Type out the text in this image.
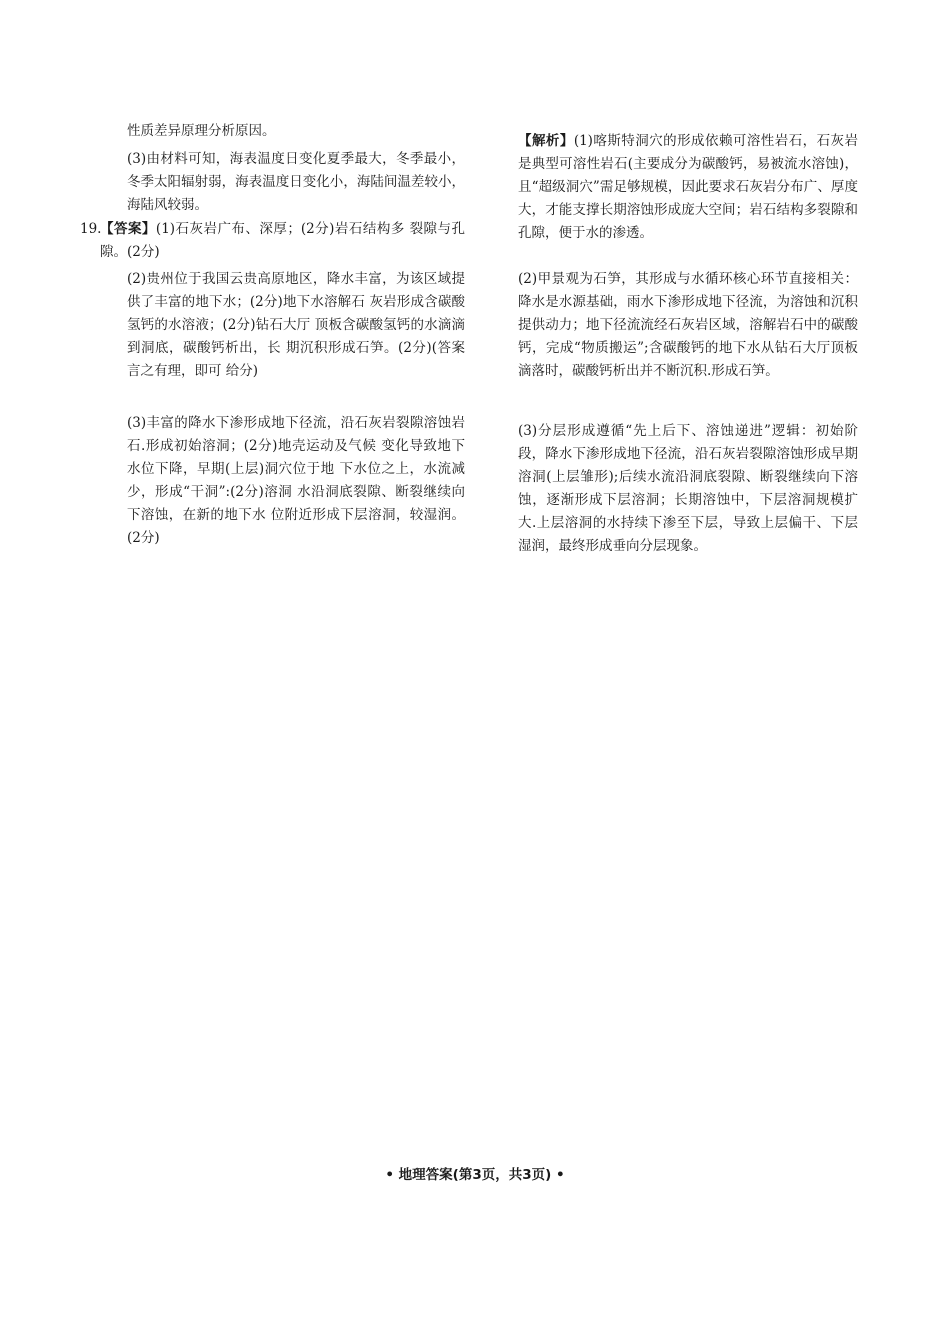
性质差异原理分析原因。

(3)由材料可知，海表温度日变化夏季最大，冬季最小，冬季太阳辐射弱，海表温度日变化小，海陆间温差较小，海陆风较弱。

19.
【答案】(1)石灰岩广布、深厚；(2分)岩石结构多 裂隙与孔隙。(2分)

(2)贵州位于我国云贵高原地区，降水丰富，为该区域提供了丰富的地下水；(2分)地下水溶解石 灰岩形成含碳酸氢钙的水溶液；(2分)钻石大厅 顶板含碳酸氢钙的水滴滴到洞底，碳酸钙析出，长 期沉积形成石笋。(2分)(答案言之有理，即可 给分)

(3)丰富的降水下渗形成地下径流，沿石灰岩裂隙溶蚀岩石.形成初始溶洞；(2分)地壳运动及气候 变化导致地下水位下降，早期(上层)洞穴位于地 下水位之上，水流减少，形成“干洞”:(2分)溶洞 水沿洞底裂隙、断裂继续向下溶蚀，在新的地下水 位附近形成下层溶洞，较湿润。(2分)

【解析】(1)喀斯特洞穴的形成依赖可溶性岩石，石灰岩是典型可溶性岩石(主要成分为碳酸钙，易被流水溶蚀)，且“超级洞穴”需足够规模，因此要求石灰岩分布广、厚度大，才能支撑长期溶蚀形成庞大空间；岩石结构多裂隙和孔隙，便于水的渗透。

(2)甲景观为石笋，其形成与水循环核心环节直接相关：降水是水源基础，雨水下渗形成地下径流，为溶蚀和沉积提供动力；地下径流流经石灰岩区域，溶解岩石中的碳酸钙，完成“物质搬运”;含碳酸钙的地下水从钻石大厅顶板滴落时，碳酸钙析出并不断沉积.形成石笋。

(3)分层形成遵循“先上后下、溶蚀递进”逻辑：初始阶段，降水下渗形成地下径流，沿石灰岩裂隙溶蚀形成早期溶洞(上层雏形);后续水流沿洞底裂隙、断裂继续向下溶蚀，逐渐形成下层溶洞；长期溶蚀中，下层溶洞规模扩大.上层溶洞的水持续下渗至下层，导致上层偏干、下层湿润，最终形成垂向分层现象。

• 地理答案(第3页，共3页) •
